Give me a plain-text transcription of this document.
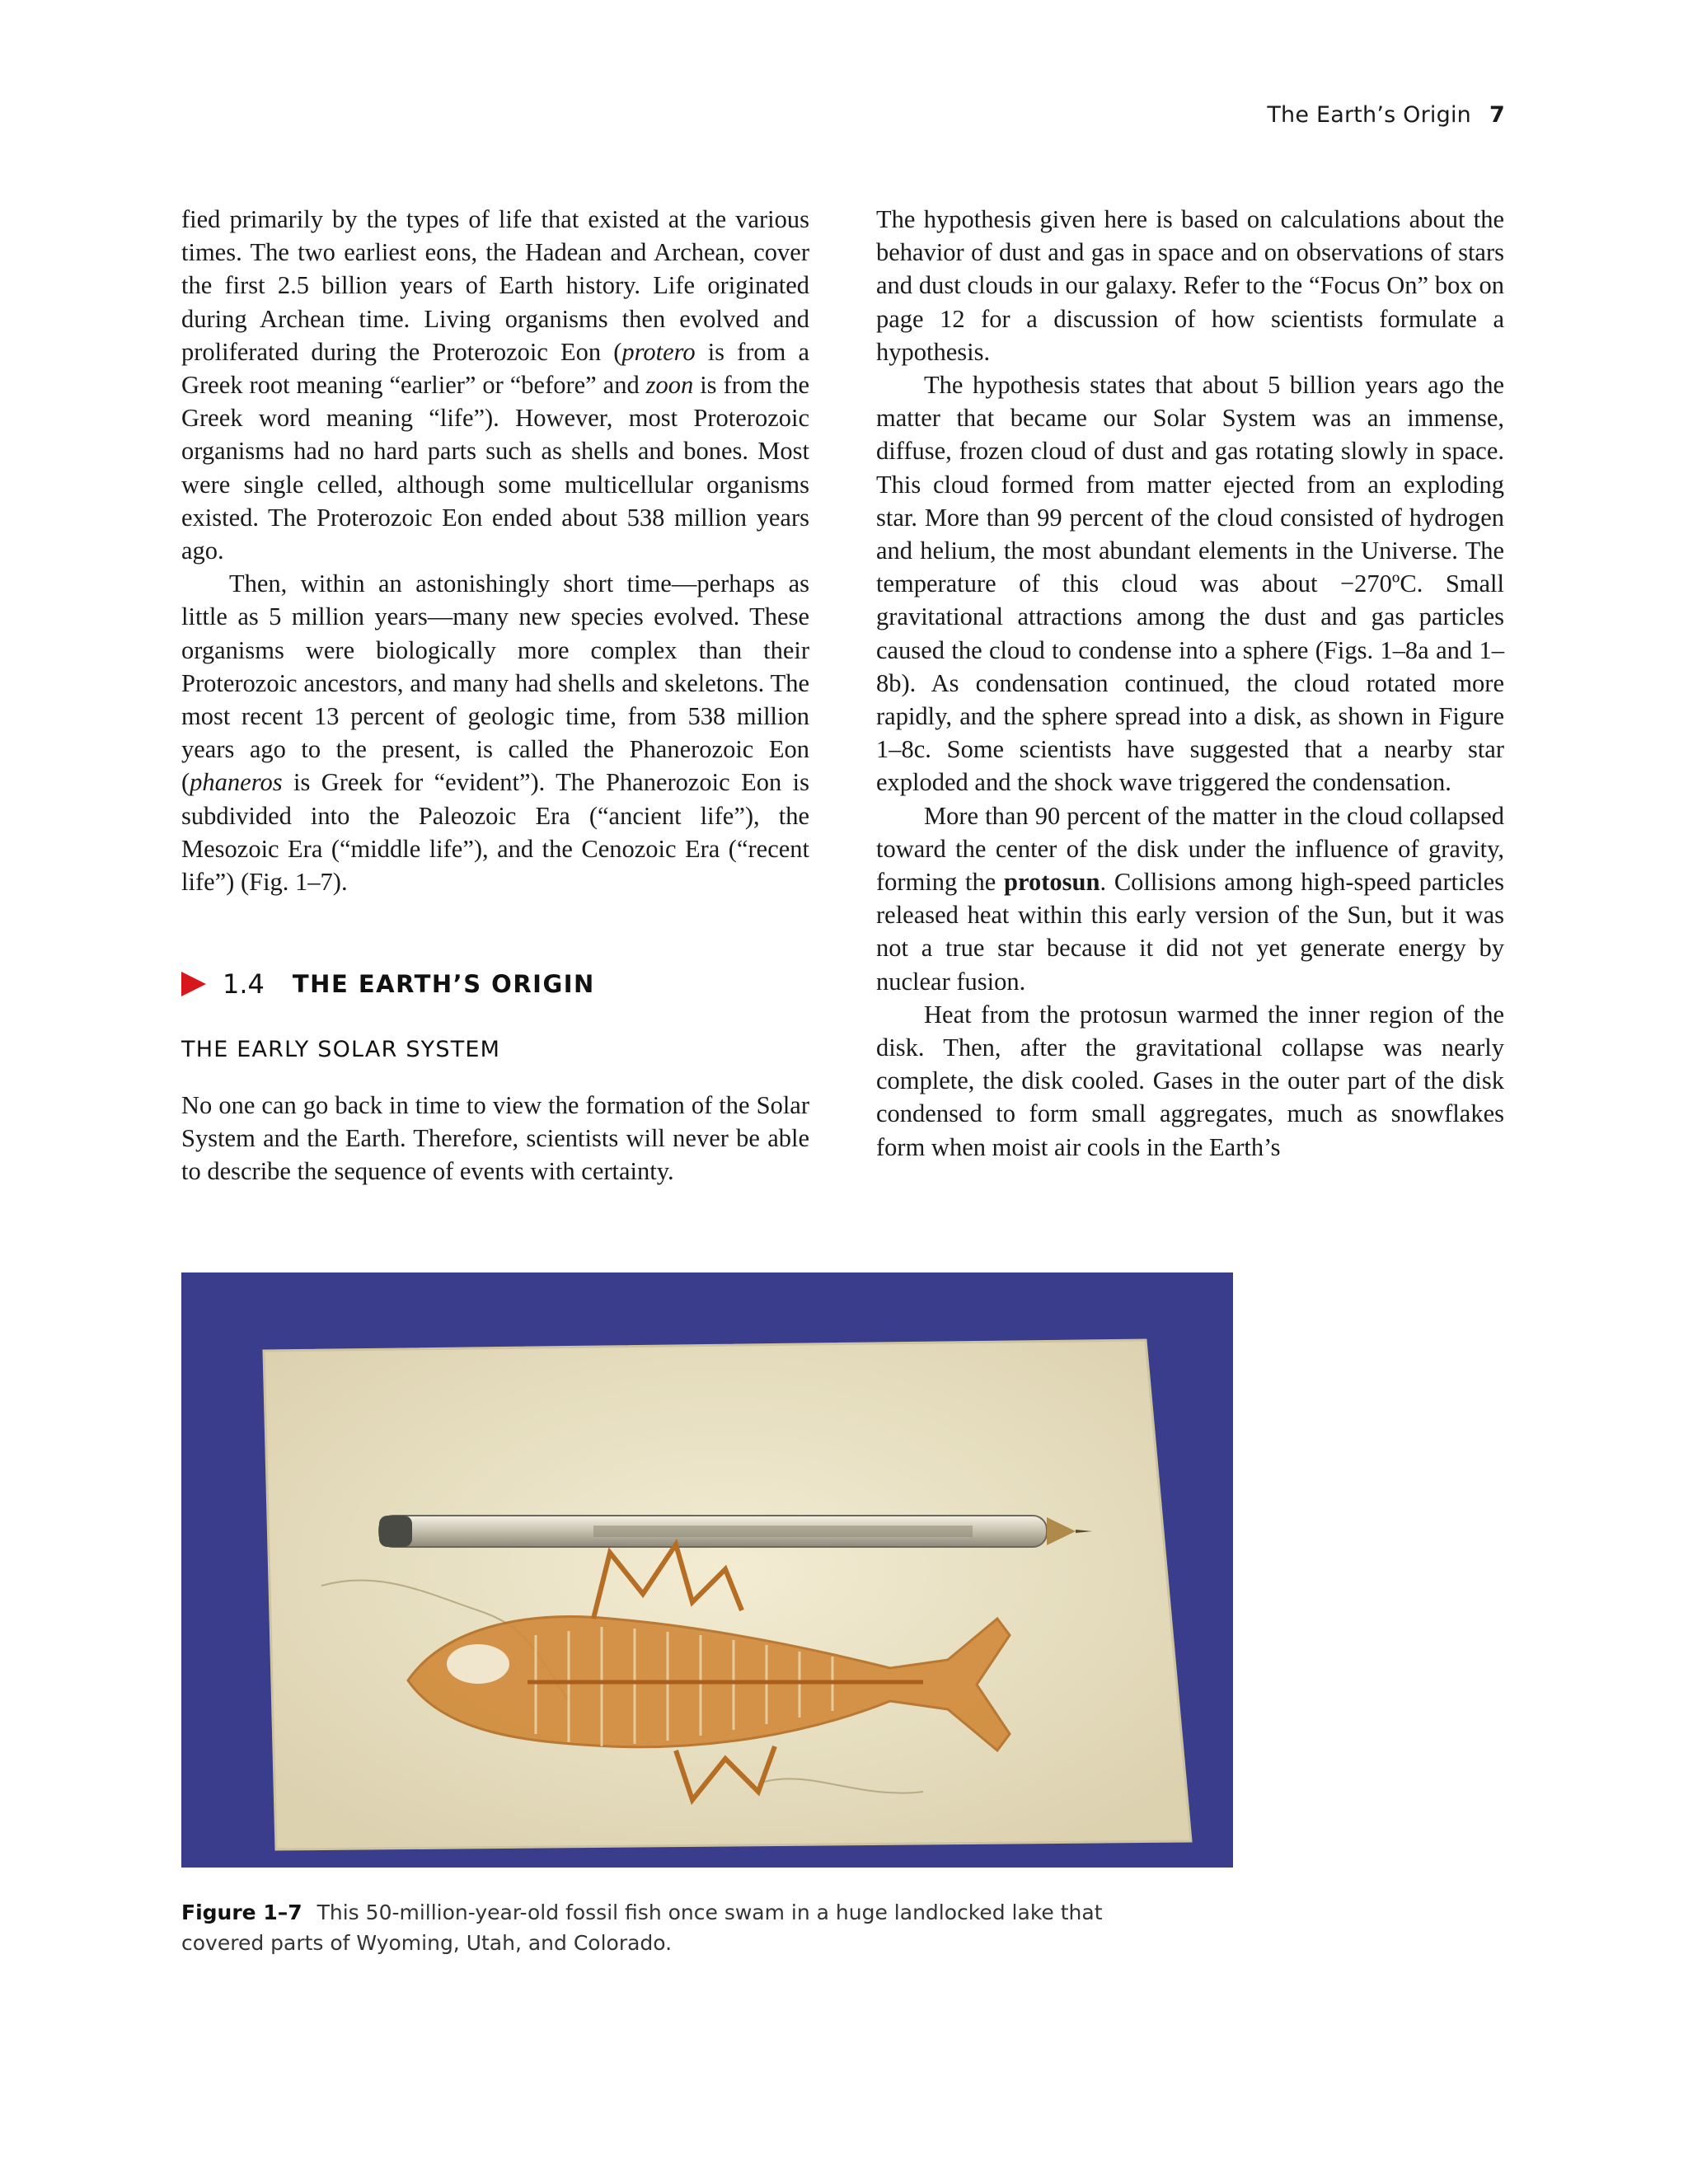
The Earth’s Origin 7

fied primarily by the types of life that existed at the various times. The two earliest eons, the Hadean and Archean, cover the first 2.5 billion years of Earth history. Life originated during Archean time. Living organisms then evolved and proliferated during the Proterozoic Eon (protero is from a Greek root meaning “earlier” or “before” and zoon is from the Greek word meaning “life”). However, most Proterozoic organisms had no hard parts such as shells and bones. Most were single celled, although some multicellular organisms existed. The Proterozoic Eon ended about 538 million years ago.

Then, within an astonishingly short time—perhaps as little as 5 million years—many new species evolved. These organisms were biologically more complex than their Proterozoic ancestors, and many had shells and skeletons. The most recent 13 percent of geologic time, from 538 million years ago to the present, is called the Phanerozoic Eon (phaneros is Greek for “evident”). The Phanerozoic Eon is subdivided into the Paleozoic Era (“ancient life”), the Mesozoic Era (“middle life”), and the Cenozoic Era (“recent life”) (Fig. 1–7).

1.4 THE EARTH’S ORIGIN
THE EARLY SOLAR SYSTEM

No one can go back in time to view the formation of the Solar System and the Earth. Therefore, scientists will never be able to describe the sequence of events with certainty.

The hypothesis given here is based on calculations about the behavior of dust and gas in space and on observations of stars and dust clouds in our galaxy. Refer to the “Focus On” box on page 12 for a discussion of how scientists formulate a hypothesis.

The hypothesis states that about 5 billion years ago the matter that became our Solar System was an immense, diffuse, frozen cloud of dust and gas rotating slowly in space. This cloud formed from matter ejected from an exploding star. More than 99 percent of the cloud consisted of hydrogen and helium, the most abundant elements in the Universe. The temperature of this cloud was about −270ºC. Small gravitational attractions among the dust and gas particles caused the cloud to condense into a sphere (Figs. 1–8a and 1–8b). As condensation continued, the cloud rotated more rapidly, and the sphere spread into a disk, as shown in Figure 1–8c. Some scientists have suggested that a nearby star exploded and the shock wave triggered the condensation.

More than 90 percent of the matter in the cloud collapsed toward the center of the disk under the influence of gravity, forming the protosun. Collisions among high-speed particles released heat within this early version of the Sun, but it was not a true star because it did not yet generate energy by nuclear fusion.

Heat from the protosun warmed the inner region of the disk. Then, after the gravitational collapse was nearly complete, the disk cooled. Gases in the outer part of the disk condensed to form small aggregates, much as snowflakes form when moist air cools in the Earth’s

Figure 1–7 This 50-million-year-old fossil fish once swam in a huge landlocked lake that covered parts of Wyoming, Utah, and Colorado.
